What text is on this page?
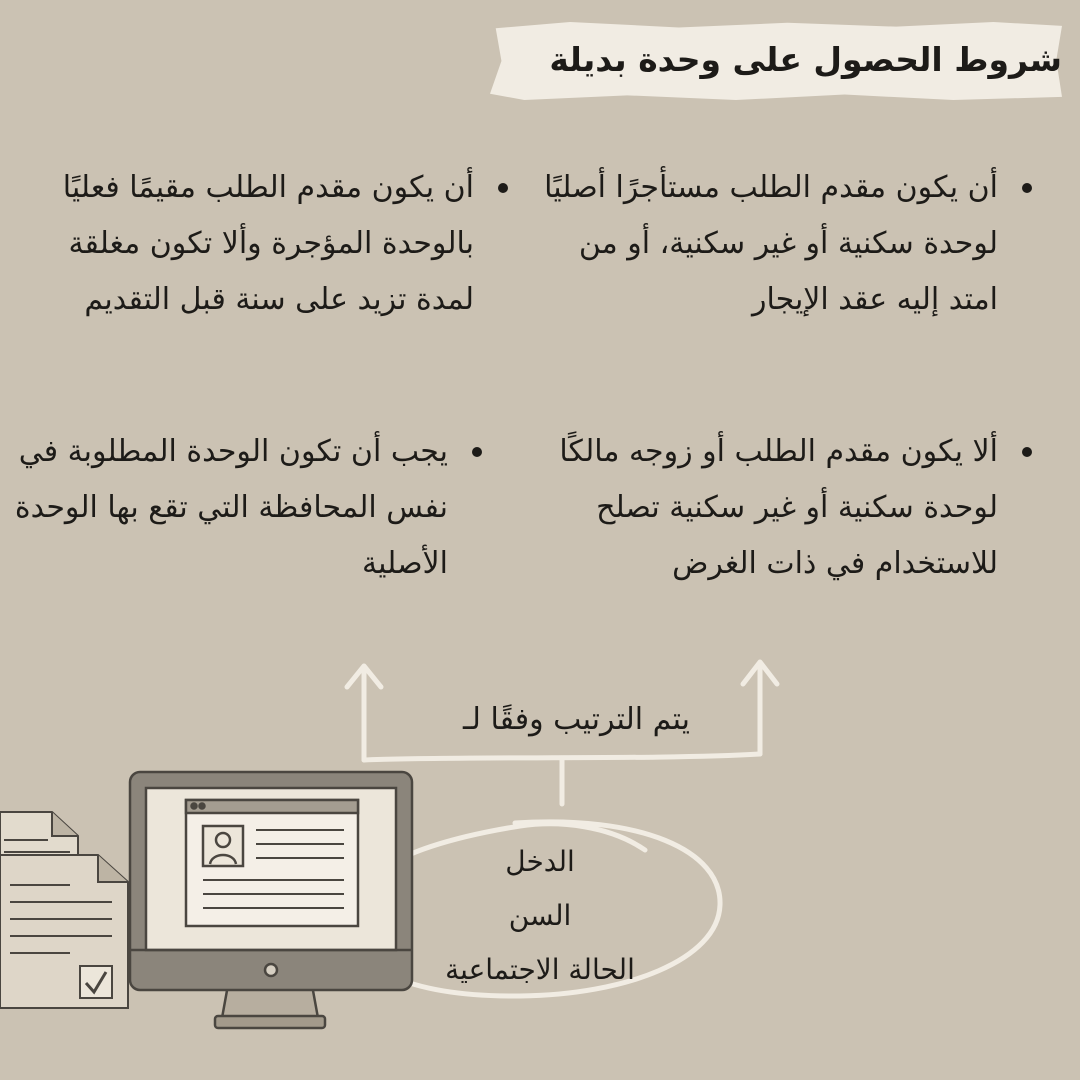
شروط الحصول على وحدة بديلة
أن يكون مقدم الطلب مستأجرًا أصليًا لوحدة سكنية أو غير سكنية، أو من امتد إليه عقد الإيجار
أن يكون مقدم الطلب مقيمًا فعليًا بالوحدة المؤجرة وألا تكون مغلقة لمدة تزيد على سنة قبل التقديم
ألا يكون مقدم الطلب أو زوجه مالكًا لوحدة سكنية أو غير سكنية تصلح للاستخدام في ذات الغرض
يجب أن تكون الوحدة المطلوبة في نفس المحافظة التي تقع بها الوحدة الأصلية
يتم الترتيب وفقًا لـ
الدخل
السن
الحالة الاجتماعية
